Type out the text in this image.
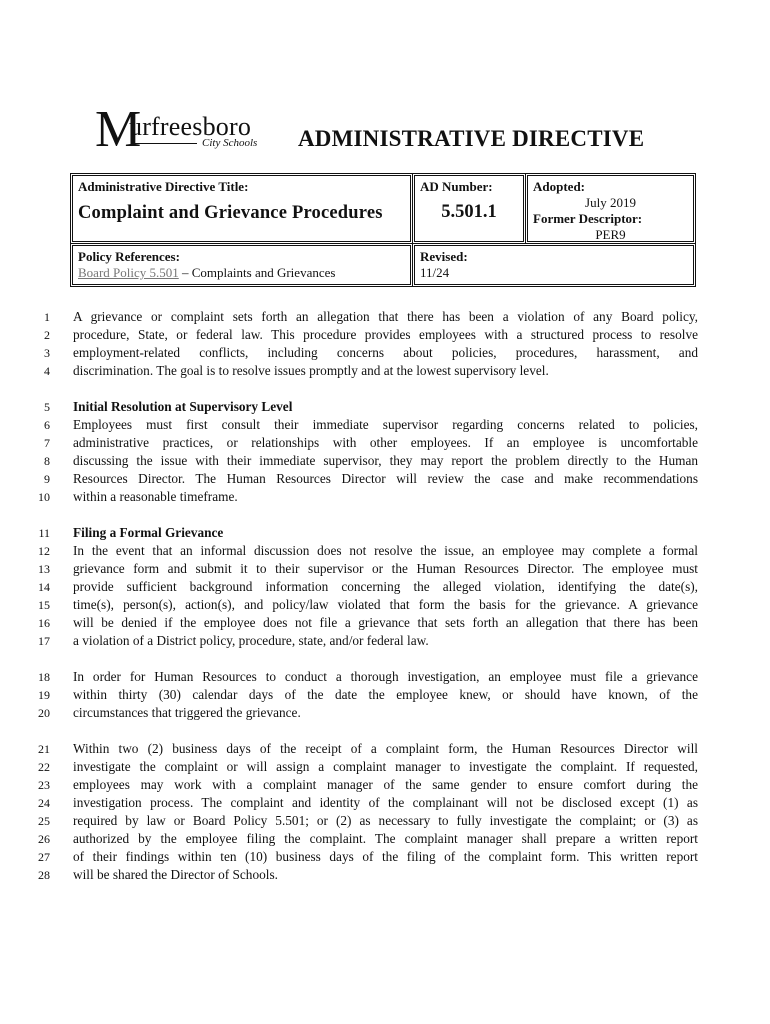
M
urfreesboro
City Schools ADMINISTRATIVE DIRECTIVE
Administrative Directive Title:
Complaint and Grievance Procedures
AD Number:
5.501.1
Adopted:
July 2019
Former Descriptor:
PER9
Policy References:
Board Policy 5.501 – Complaints and Grievances
Revised:
11/24
1 A grievance or complaint sets forth an allegation that there has been a violation of any Board policy,
2 procedure, State, or federal law. This procedure provides employees with a structured process to resolve
3 employment-related conflicts, including concerns about policies, procedures, harassment, and
4 discrimination. The goal is to resolve issues promptly and at the lowest supervisory level.
5 Initial Resolution at Supervisory Level
6 Employees must first consult their immediate supervisor regarding concerns related to policies,
7 administrative practices, or relationships with other employees. If an employee is uncomfortable
8 discussing the issue with their immediate supervisor, they may report the problem directly to the Human
9 Resources Director. The Human Resources Director will review the case and make recommendations
10 within a reasonable timeframe.
11 Filing a Formal Grievance
12 In the event that an informal discussion does not resolve the issue, an employee may complete a formal
13 grievance form and submit it to their supervisor or the Human Resources Director. The employee must
14 provide sufficient background information concerning the alleged violation, identifying the date(s),
15 time(s), person(s), action(s), and policy/law violated that form the basis for the grievance. A grievance
16 will be denied if the employee does not file a grievance that sets forth an allegation that there has been
17 a violation of a District policy, procedure, state, and/or federal law.
18 In order for Human Resources to conduct a thorough investigation, an employee must file a grievance
19 within thirty (30) calendar days of the date the employee knew, or should have known, of the
20 circumstances that triggered the grievance.
21 Within two (2) business days of the receipt of a complaint form, the Human Resources Director will
22 investigate the complaint or will assign a complaint manager to investigate the complaint. If requested,
23 employees may work with a complaint manager of the same gender to ensure comfort during the
24 investigation process. The complaint and identity of the complainant will not be disclosed except (1) as
25 required by law or Board Policy 5.501; or (2) as necessary to fully investigate the complaint; or (3) as
26 authorized by the employee filing the complaint. The complaint manager shall prepare a written report
27 of their findings within ten (10) business days of the filing of the complaint form. This written report
28 will be shared the Director of Schools.
